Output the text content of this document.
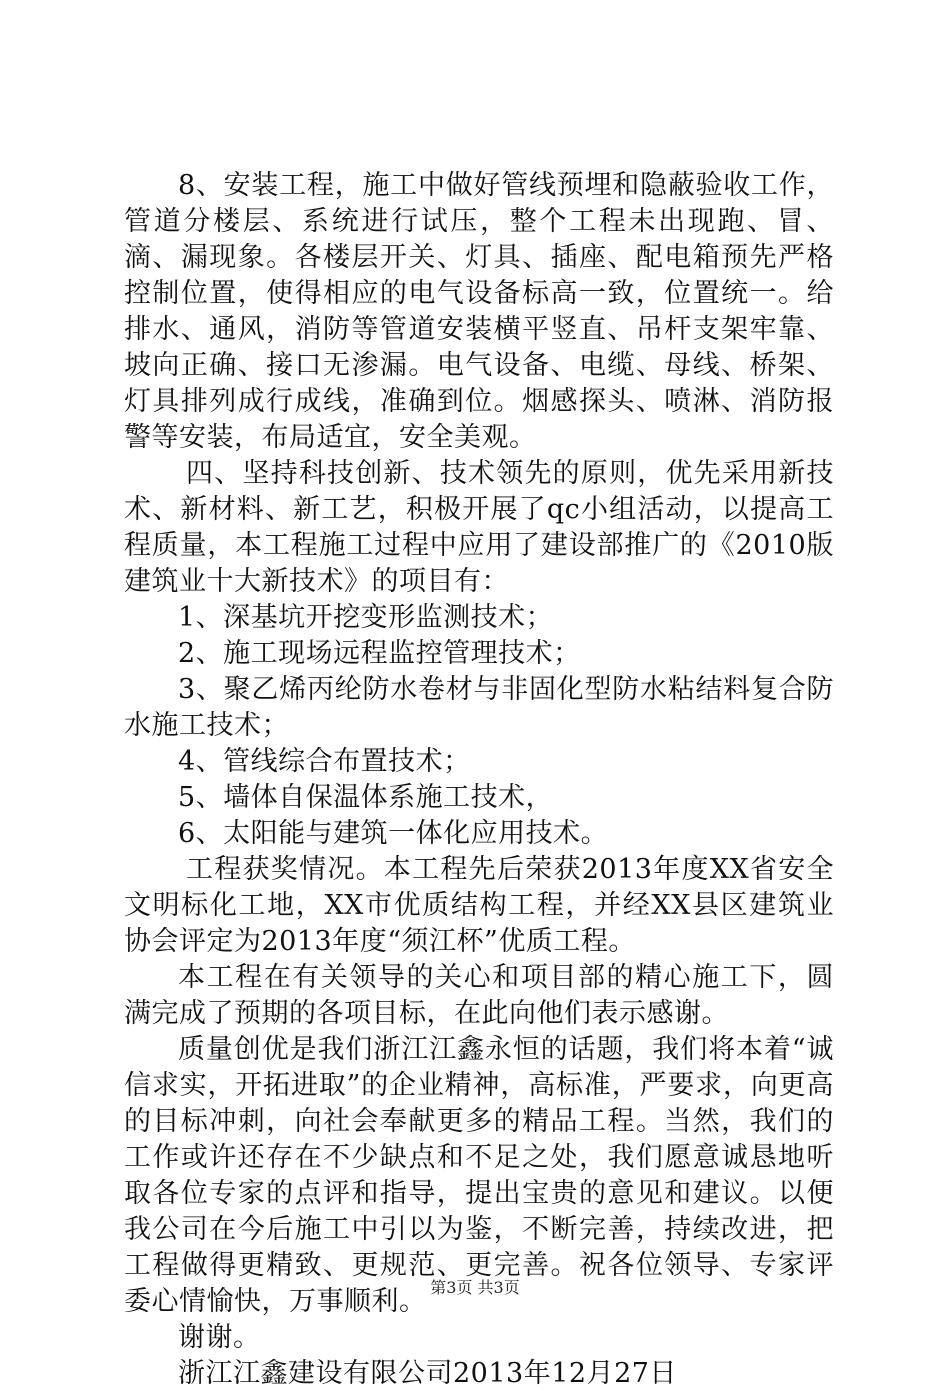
8、安装工程，施工中做好管线预埋和隐蔽验收工作，管道分楼层、系统进行试压，整个工程未出现跑、冒、滴、漏现象。各楼层开关、灯具、插座、配电箱预先严格控制位置，使得相应的电气设备标高一致，位置统一。给排水、通风，消防等管道安装横平竖直、吊杆支架牢靠、坡向正确、接口无渗漏。电气设备、电缆、母线、桥架、灯具排列成行成线，准确到位。烟感探头、喷淋、消防报警等安装，布局适宜，安全美观。

四、坚持科技创新、技术领先的原则，优先采用新技术、新材料、新工艺，积极开展了qc小组活动，以提高工程质量，本工程施工过程中应用了建设部推广的《2010版建筑业十大新技术》的项目有：

1、深基坑开挖变形监测技术；

2、施工现场远程监控管理技术；

3、聚乙烯丙纶防水卷材与非固化型防水粘结料复合防水施工技术；

4、管线综合布置技术；

5、墙体自保温体系施工技术，

6、太阳能与建筑一体化应用技术。

工程获奖情况。本工程先后荣获2013年度XX省安全文明标化工地，XX市优质结构工程，并经XX县区建筑业协会评定为2013年度“须江杯”优质工程。

本工程在有关领导的关心和项目部的精心施工下，圆满完成了预期的各项目标，在此向他们表示感谢。

质量创优是我们浙江江鑫永恒的话题，我们将本着“诚信求实，开拓进取”的企业精神，高标准，严要求，向更高的目标冲刺，向社会奉献更多的精品工程。当然，我们的工作或许还存在不少缺点和不足之处，我们愿意诚恳地听取各位专家的点评和指导，提出宝贵的意见和建议。以便我公司在今后施工中引以为鉴，不断完善，持续改进，把工程做得更精致、更规范、更完善。祝各位领导、专家评委心情愉快，万事顺利。

谢谢。

浙江江鑫建设有限公司2013年12月27日

第3页 共3页
